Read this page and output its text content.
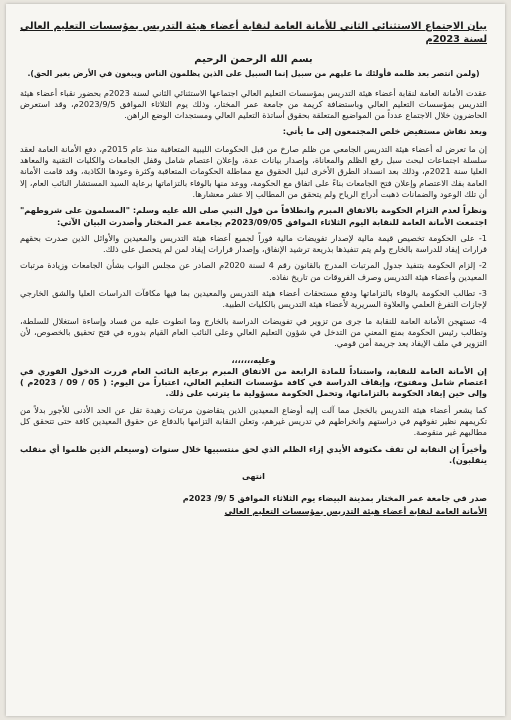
بيان الاجتماع الاستثنائي الثاني للأمانة العامة لنقابة أعضاء هيئة التدريس بمؤسسات التعليم العالي لسنة 2023م
بسم الله الرحمن الرحيم
(ولمن انتصر بعد ظلمه فأولئك ما عليهم من سبيل إنما السبيل على الذين يظلمون الناس ويبغون في الأرض بغير الحق).

عقدت الأمانة العامة لنقابة أعضاء هيئة التدريس بمؤسسات التعليم العالي اجتماعها الاستثنائي الثاني لسنة 2023م بحضور نقباء أعضاء هيئة التدريس بمؤسسات التعليم العالي وباستضافة كريمة من جامعة عمر المختار، وذلك يوم الثلاثاء الموافق 2023/9/5م، وقد استعرض الحاضرون خلال الاجتماع عدداً من المواضيع المتعلقة بحقوق أساتذة التعليم العالي ومستجدات الوضع الراهن.

وبعد نقاش مستفيض خلص المجتمعون إلى ما يأتي:

إن ما تعرض له أعضاء هيئة التدريس الجامعي من ظلم صارخ من قبل الحكومات الليبية المتعاقبة منذ عام 2015م، دفع الأمانة العامة لعقد سلسلة اجتماعات لبحث سبل رفع الظلم والمعاناة، وإصدار بيانات عدة، وإعلان اعتصام شامل وقفل الجامعات والكليات التقنية والمعاهد العليا سنة 2021م، وذلك بعد انسداد الطرق الأخرى لنيل الحقوق مع مماطلة الحكومات المتعاقبة وكثرة وعودها الكاذبة، وقد قامت الأمانة العامة بفك الاعتصام وإعلان فتح الجامعات بناءً على اتفاق مع الحكومة، ووعد منها بالوفاء بالتزاماتها برعاية السيد المستشار النائب العام، إلا أن تلك الوعود والضمانات ذهبت أدراج الرياح ولم يتحقق من المطالب إلا عشر معشارها.

ونظراً لعدم التزام الحكومة بالاتفاق المبرم وانطلاقاً من قول النبي صلى الله عليه وسلم: "المسلمون على شروطهم" اجتمعت الأمانة العامة للنقابة اليوم الثلاثاء الموافق 2023/09/05م بجامعة عمر المختار وأصدرت البيان الآتي:

1- على الحكومة تخصيص قيمة مالية لإصدار تفويضات مالية فوراً لجميع أعضاء هيئة التدريس والمعيدين والأوائل الذين صدرت بحقهم قرارات إيفاد للدراسة بالخارج ولم يتم تنفيذها بذريعة ترشيد الإنفاق، وإصدار قرارات إيفاد لمن لم يتحصل على ذلك.
2- إلزام الحكومة بتنفيذ جدول المرتبات المدرج بالقانون رقم 4 لسنة 2020م الصادر عن مجلس النواب بشأن الجامعات وزيادة مرتبات المعيدين وأعضاء هيئة التدريس وصرف الفروقات من تاريخ نفاذه.
3- تطالب الحكومة بالوفاء بالتزاماتها ودفع مستحقات أعضاء هيئة التدريس والمعيدين بما فيها مكافآت الدراسات العليا والشق الخارجي لإجازات التفرغ العلمي والعلاوة السريرية لأعضاء هيئة التدريس بالكليات الطبية.
4- تستهجن الأمانة العامة للنقابة ما جرى من تزوير في تفويضات الدراسة بالخارج وما انطوت عليه من فساد وإساءة استغلال للسلطة، وتطالب رئيس الحكومة بمنع المعني من التدخل في شؤون التعليم العالي وعلى النائب العام القيام بدوره في فتح تحقيق بالخصوص، لأن التزوير في ملف الإيفاد يعد جريمة أمن قومي.
وعليه،،،،،،،

إن الأمانة العامة للنقابة، واستناداً للمادة الرابعة من الاتفاق المبرم برعاية النائب العام قررت الدخول الفوري في اعتصام شامل ومفتوح، وإيقاف الدراسة في كافة مؤسسات التعليم العالي، اعتباراً من اليوم: ( 05 / 09 / 2023م ) وإلى حين إيفاد الحكومة بالتزاماتها، وتحمل الحكومة مسؤولية ما يترتب على ذلك.

كما يشعر أعضاء هيئة التدريس بالخجل مما آلت إليه أوضاع المعيدين الذين يتقاضون مرتبات زهيدة تقل عن الحد الأدنى للأجور بدلاً من تكريمهم نظير تفوقهم في دراستهم وانخراطهم في تدريس غيرهم، وتعلن النقابة التزامها بالدفاع عن حقوق المعيدين كافة حتى تتحقق كل مطالبهم غير منقوصة.

وأخيراً إن النقابة لن تقف مكتوفة الأيدي إزاء الظلم الذي لحق منتسبيها خلال سنوات (وسيعلم الذين ظلموا أي منقلب ينقلبون).

انتهى
صدر في جامعة عمر المختار بمدينة البيضاء يوم الثلاثاء الموافق 5 /9/ 2023م
الأمانة العامة لنقابة أعضاء هيئة التدريس بمؤسسات التعليم العالي
